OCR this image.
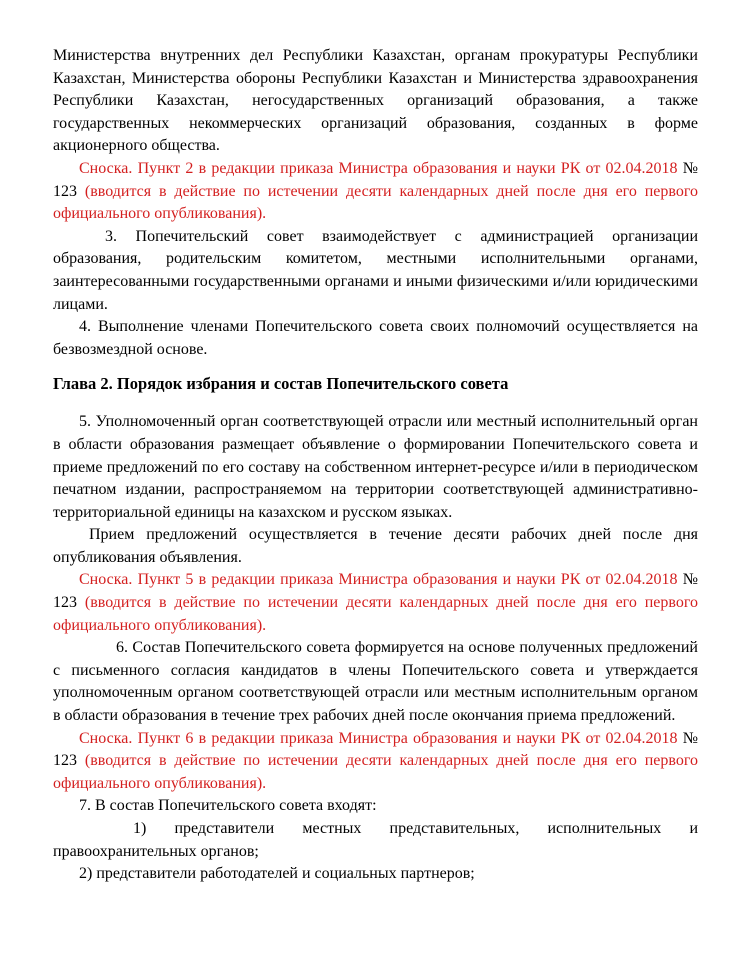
Министерства внутренних дел Республики Казахстан, органам прокуратуры Республики Казахстан, Министерства обороны Республики Казахстан и Министерства здравоохранения Республики Казахстан, негосударственных организаций образования, а также государственных некоммерческих организаций образования, созданных в форме акционерного общества.

Сноска. Пункт 2 в редакции приказа Министра образования и науки РК от 02.04.2018 № 123 (вводится в действие по истечении десяти календарных дней после дня его первого официального опубликования).

3. Попечительский совет взаимодействует с администрацией организации образования, родительским комитетом, местными исполнительными органами, заинтересованными государственными органами и иными физическими и/или юридическими лицами.

4. Выполнение членами Попечительского совета своих полномочий осуществляется на безвозмездной основе.

Глава 2. Порядок избрания и состав Попечительского совета

5. Уполномоченный орган соответствующей отрасли или местный исполнительный орган в области образования размещает объявление о формировании Попечительского совета и приеме предложений по его составу на собственном интернет-ресурсе и/или в периодическом печатном издании, распространяемом на территории соответствующей административно-территориальной единицы на казахском и русском языках.

Прием предложений осуществляется в течение десяти рабочих дней после дня опубликования объявления.

Сноска. Пункт 5 в редакции приказа Министра образования и науки РК от 02.04.2018 № 123 (вводится в действие по истечении десяти календарных дней после дня его первого официального опубликования).

6. Состав Попечительского совета формируется на основе полученных предложений с письменного согласия кандидатов в члены Попечительского совета и утверждается уполномоченным органом соответствующей отрасли или местным исполнительным органом в области образования в течение трех рабочих дней после окончания приема предложений.

Сноска. Пункт 6 в редакции приказа Министра образования и науки РК от 02.04.2018 № 123 (вводится в действие по истечении десяти календарных дней после дня его первого официального опубликования).

7. В состав Попечительского совета входят:

1) представители местных представительных, исполнительных и правоохранительных органов;

2) представители работодателей и социальных партнеров;
